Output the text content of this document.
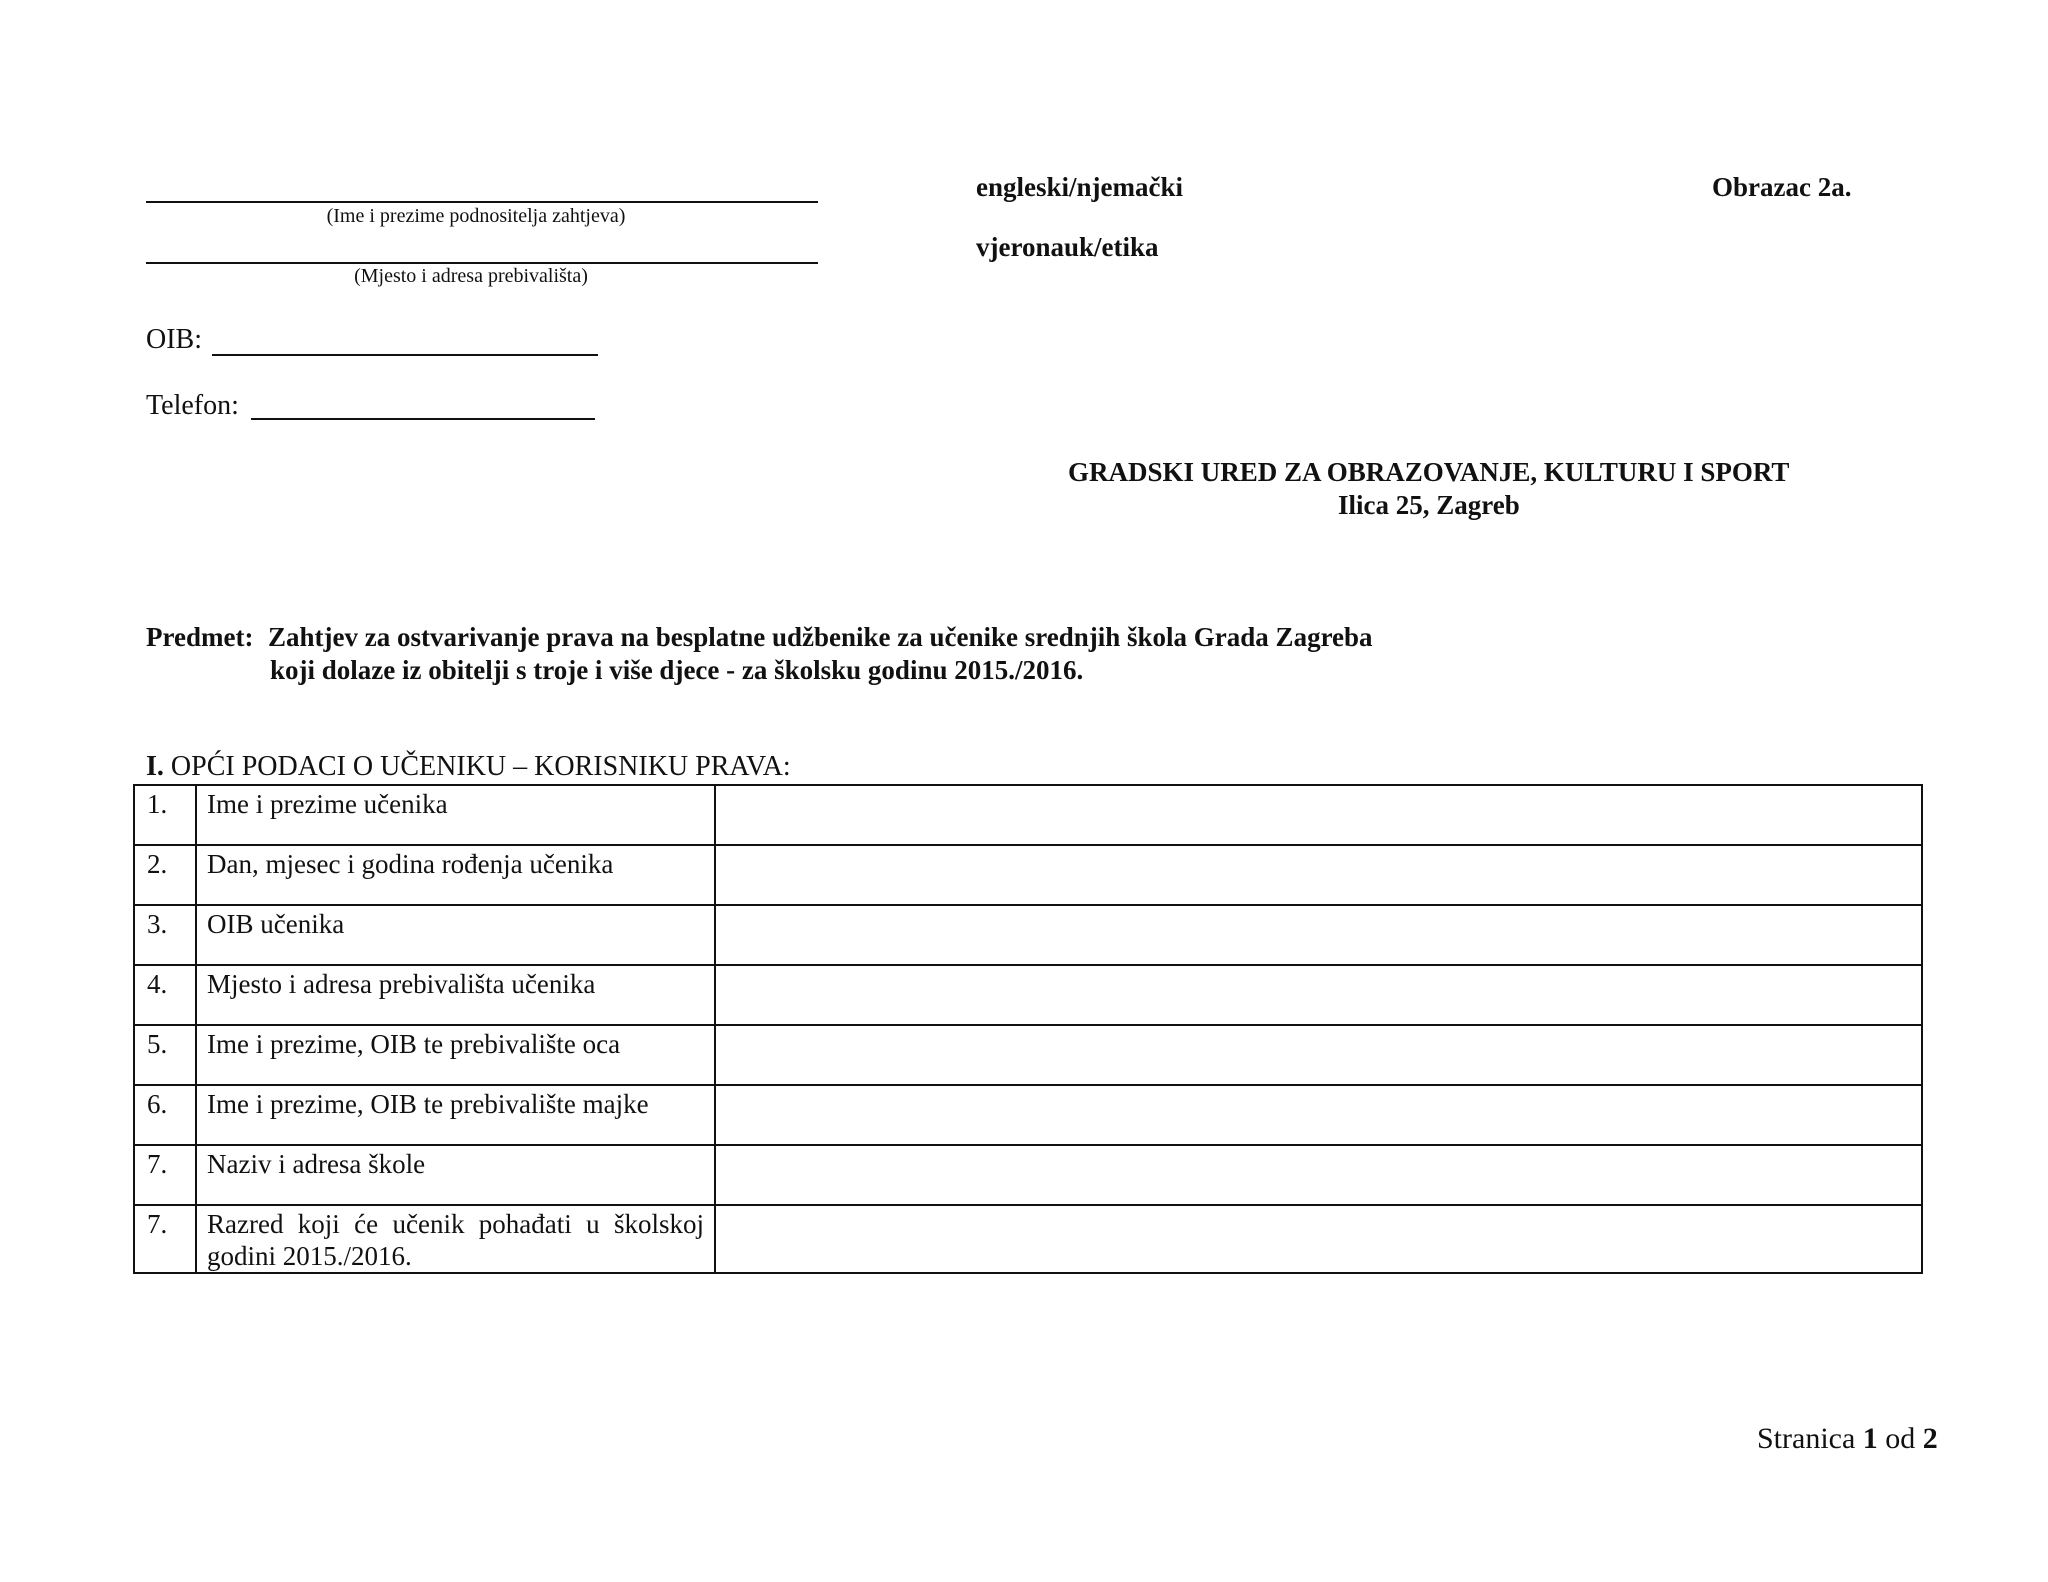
(Ime i prezime podnositelja zahtjeva)
(Mjesto i adresa prebivališta)
OIB:
Telefon:
engleski/njemački
vjeronauk/etika
Obrazac 2a.
GRADSKI URED ZA OBRAZOVANJE, KULTURU I SPORT
Ilica 25, Zagreb
Predmet: Zahtjev za ostvarivanje prava na besplatne udžbenike za učenike srednjih škola Grada Zagreba
koji dolaze iz obitelji s troje i više djece - za školsku godinu 2015./2016.
I. OPĆI PODACI O UČENIKU – KORISNIKU PRAVA:
1.	Ime i prezime učenika	
2.	Dan, mjesec i godina rođenja učenika	
3.	OIB učenika	
4.	Mjesto i adresa prebivališta učenika	
5.	Ime i prezime, OIB te prebivalište oca	
6.	Ime i prezime, OIB te prebivalište majke	
7.	Naziv i adresa škole	
7.	Razred koji će učenik pohađati u školskoj godini 2015./2016.	
Stranica 1 od 2
